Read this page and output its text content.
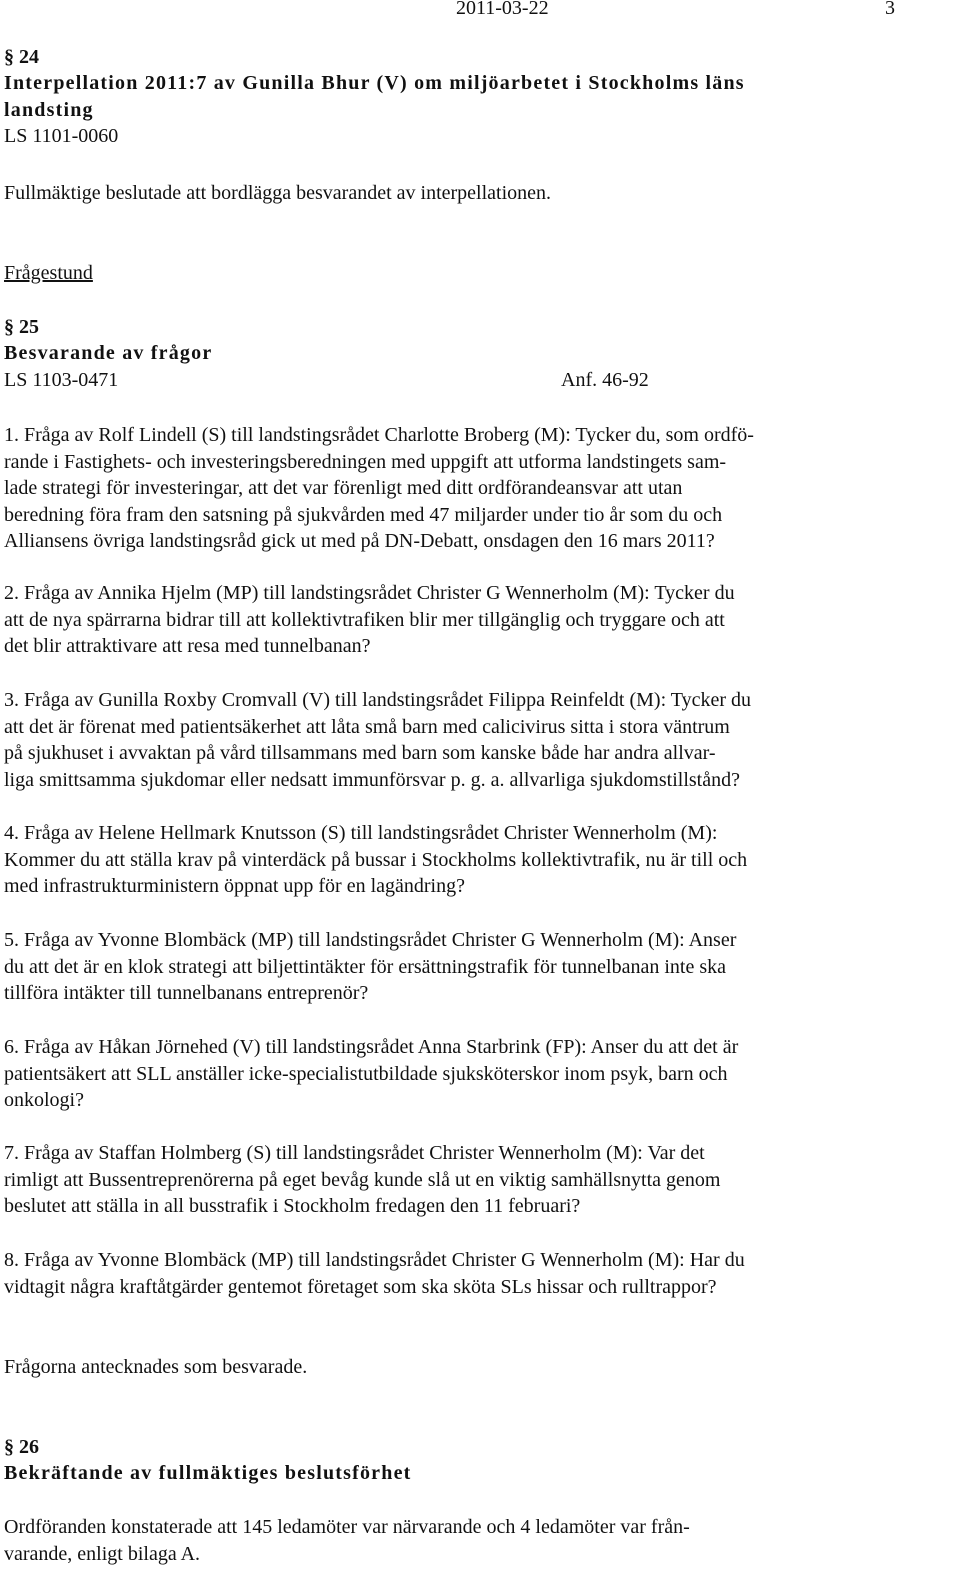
2011-03-22	3
§ 24
Interpellation 2011:7 av Gunilla Bhur (V) om miljöarbetet i Stockholms läns
landsting
LS 1101-0060
Fullmäktige beslutade att bordlägga besvarandet av interpellationen.
Frågestund
§ 25
Besvarande av frågor
LS 1103-0471	Anf. 46-92

1. Fråga av Rolf Lindell (S) till landstingsrådet Charlotte Broberg (M): Tycker du, som ordfö-
rande i Fastighets- och investeringsberedningen med uppgift att utforma landstingets sam-
lade strategi för investeringar, att det var förenligt med ditt ordförandeansvar att utan
beredning föra fram den satsning på sjukvården med 47 miljarder under tio år som du och
Alliansens övriga landstingsråd gick ut med på DN-Debatt, onsdagen den 16 mars 2011?

2. Fråga av Annika Hjelm (MP) till landstingsrådet Christer G Wennerholm (M): Tycker du
att de nya spärrarna bidrar till att kollektivtrafiken blir mer tillgänglig och tryggare och att
det blir attraktivare att resa med tunnelbanan?

3. Fråga av Gunilla Roxby Cromvall (V) till landstingsrådet Filippa Reinfeldt (M): Tycker du
att det är förenat med patientsäkerhet att låta små barn med calicivirus sitta i stora väntrum
på sjukhuset i avvaktan på vård tillsammans med barn som kanske både har andra allvar-
liga smittsamma sjukdomar eller nedsatt immunförsvar p. g. a. allvarliga sjukdomstillstånd?

4. Fråga av Helene Hellmark Knutsson (S) till landstingsrådet Christer Wennerholm (M):
Kommer du att ställa krav på vinterdäck på bussar i Stockholms kollektivtrafik, nu är till och
med infrastrukturministern öppnat upp för en lagändring?

5. Fråga av Yvonne Blombäck (MP) till landstingsrådet Christer G Wennerholm (M): Anser
du att det är en klok strategi att biljettintäkter för ersättningstrafik för tunnelbanan inte ska
tillföra intäkter till tunnelbanans entreprenör?

6. Fråga av Håkan Jörnehed (V) till landstingsrådet Anna Starbrink (FP): Anser du att det är
patientsäkert att SLL anställer icke-specialistutbildade sjuksköterskor inom psyk, barn och
onkologi?

7. Fråga av Staffan Holmberg (S) till landstingsrådet Christer Wennerholm (M): Var det
rimligt att Bussentreprenörerna på eget bevåg kunde slå ut en viktig samhällsnytta genom
beslutet att ställa in all busstrafik i Stockholm fredagen den 11 februari?

8. Fråga av Yvonne Blombäck (MP) till landstingsrådet Christer G Wennerholm (M): Har du
vidtagit några kraftåtgärder gentemot företaget som ska sköta SLs hissar och rulltrappor?

Frågorna antecknades som besvarade.
§ 26
Bekräftande av fullmäktiges beslutsförhet

Ordföranden konstaterade att 145 ledamöter var närvarande och 4 ledamöter var från-
varande, enligt bilaga A.
